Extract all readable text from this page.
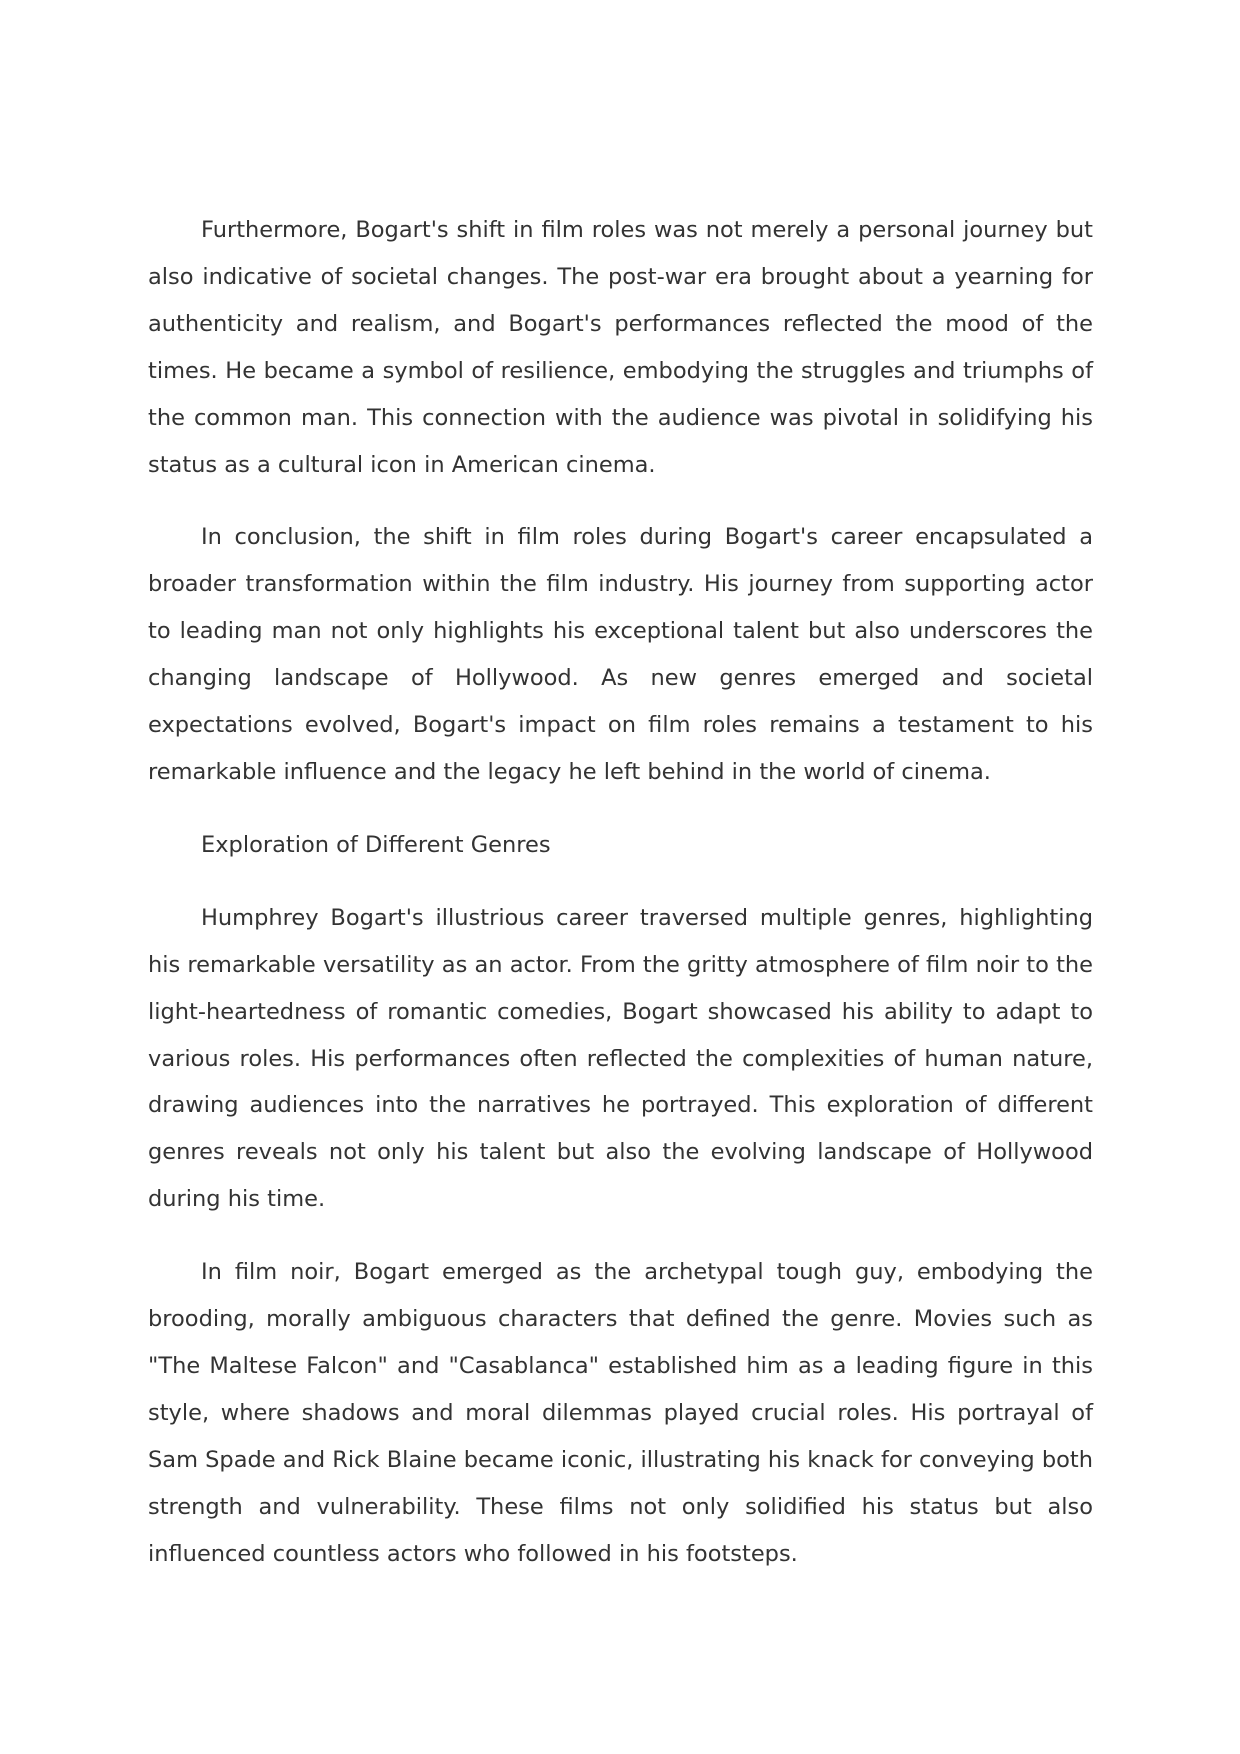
Furthermore, Bogart's shift in film roles was not merely a personal journey but also indicative of societal changes. The post-war era brought about a yearning for authenticity and realism, and Bogart's performances reflected the mood of the times. He became a symbol of resilience, embodying the struggles and triumphs of the common man. This connection with the audience was pivotal in solidifying his status as a cultural icon in American cinema.

In conclusion, the shift in film roles during Bogart's career encapsulated a broader transformation within the film industry. His journey from supporting actor to leading man not only highlights his exceptional talent but also underscores the changing landscape of Hollywood. As new genres emerged and societal expectations evolved, Bogart's impact on film roles remains a testament to his remarkable influence and the legacy he left behind in the world of cinema.

Exploration of Different Genres

Humphrey Bogart's illustrious career traversed multiple genres, highlighting his remarkable versatility as an actor. From the gritty atmosphere of film noir to the light-heartedness of romantic comedies, Bogart showcased his ability to adapt to various roles. His performances often reflected the complexities of human nature, drawing audiences into the narratives he portrayed. This exploration of different genres reveals not only his talent but also the evolving landscape of Hollywood during his time.

In film noir, Bogart emerged as the archetypal tough guy, embodying the brooding, morally ambiguous characters that defined the genre. Movies such as "The Maltese Falcon" and "Casablanca" established him as a leading figure in this style, where shadows and moral dilemmas played crucial roles. His portrayal of Sam Spade and Rick Blaine became iconic, illustrating his knack for conveying both strength and vulnerability. These films not only solidified his status but also influenced countless actors who followed in his footsteps.
